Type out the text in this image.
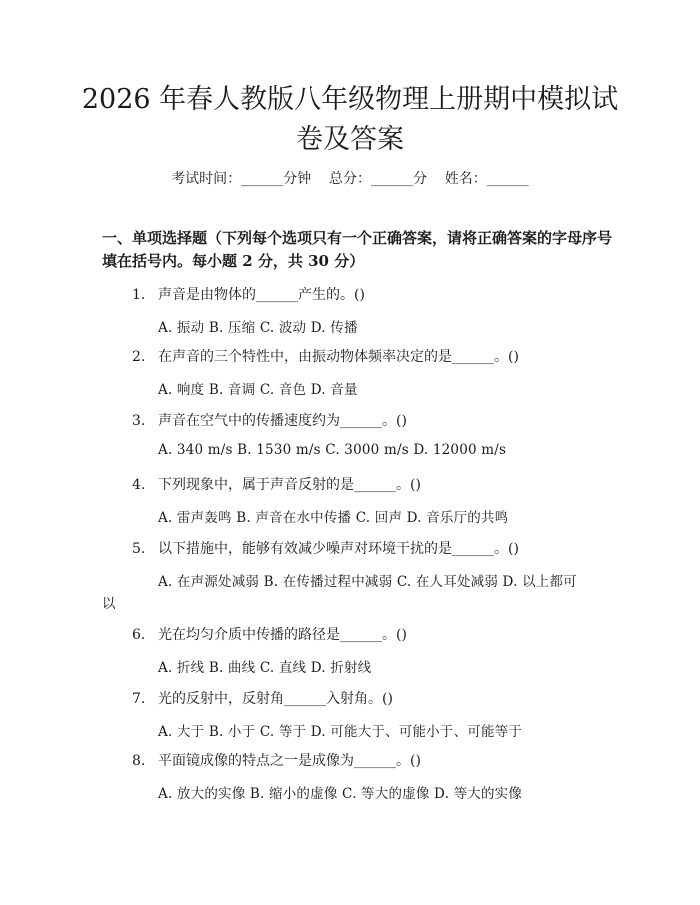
2026 年春人教版八年级物理上册期中模拟试
卷及答案
考试时间：______分钟    总分：______分    姓名：______
一、单项选择题（下列每个选项只有一个正确答案，请将正确答案的字母序号填在括号内。每小题 2 分，共 30 分）
1. 声音是由物体的______产生的。()
A. 振动 B. 压缩 C. 波动 D. 传播
2. 在声音的三个特性中，由振动物体频率决定的是______。()
A. 响度 B. 音调 C. 音色 D. 音量
3. 声音在空气中的传播速度约为______。()
A. 340 m/s B. 1530 m/s C. 3000 m/s D. 12000 m/s
4. 下列现象中，属于声音反射的是______。()
A. 雷声轰鸣 B. 声音在水中传播 C. 回声 D. 音乐厅的共鸣
5. 以下措施中，能够有效减少噪声对环境干扰的是______。()
A. 在声源处减弱 B. 在传播过程中减弱 C. 在人耳处减弱 D. 以上都可
以
6. 光在均匀介质中传播的路径是______。()
A. 折线 B. 曲线 C. 直线 D. 折射线
7. 光的反射中，反射角______入射角。()
A. 大于 B. 小于 C. 等于 D. 可能大于、可能小于、可能等于
8. 平面镜成像的特点之一是成像为______。()
A. 放大的实像 B. 缩小的虚像 C. 等大的虚像 D. 等大的实像
